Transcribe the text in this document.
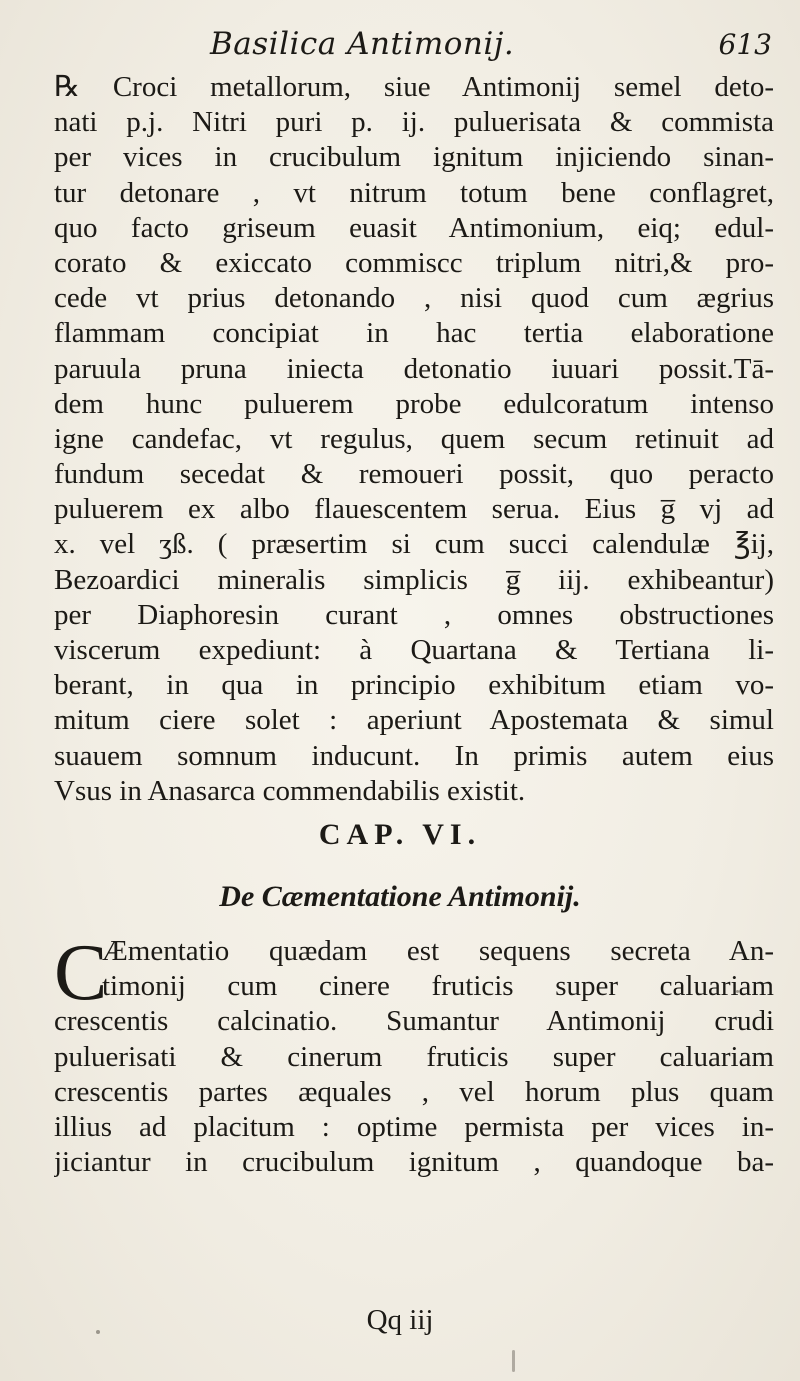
Basilica Antimonij.	613
℞ Croci metallorum, siue Antimonij semel deto-
nati p.j. Nitri puri p. ij. puluerisata & commista
per vices in crucibulum ignitum injiciendo sinan-
tur detonare , vt nitrum totum bene conflagret,
quo facto griseum euasit Antimonium, eiq; edul-
corato & exiccato commiscc triplum nitri,& pro-
cede vt prius detonando , nisi quod cum ægrius
flammam concipiat in hac tertia elaboratione
paruula pruna iniecta detonatio iuuari possit.Tā-
dem hunc puluerem probe edulcoratum intenso
igne candefac, vt regulus, quem secum retinuit ad
fundum secedat & remoueri possit, quo peracto
puluerem ex albo flauescentem serua. Eius g̅ vj ad
x. vel ʒß. ( præsertim si cum succi calendulæ ℥ij,
Bezoardici mineralis simplicis g̅ iij. exhibeantur)
per Diaphoresin curant , omnes obstructiones
viscerum expediunt: à Quartana & Tertiana li-
berant, in qua in principio exhibitum etiam vo-
mitum ciere solet : aperiunt Apostemata & simul
suauem somnum inducunt. In primis autem eius
Vsus in Anasarca commendabilis existit.
CAP. VI.
De Cæmentatione Antimonij.
C
Æmentatio quædam est sequens secreta An-
timonij cum cinere fruticis super caluariam
crescentis calcinatio. Sumantur Antimonij crudi
puluerisati & cinerum fruticis super caluariam
crescentis partes æquales , vel horum plus quam
illius ad placitum : optime permista per vices in-
jiciantur in crucibulum ignitum , quandoque ba-
Qq iij
